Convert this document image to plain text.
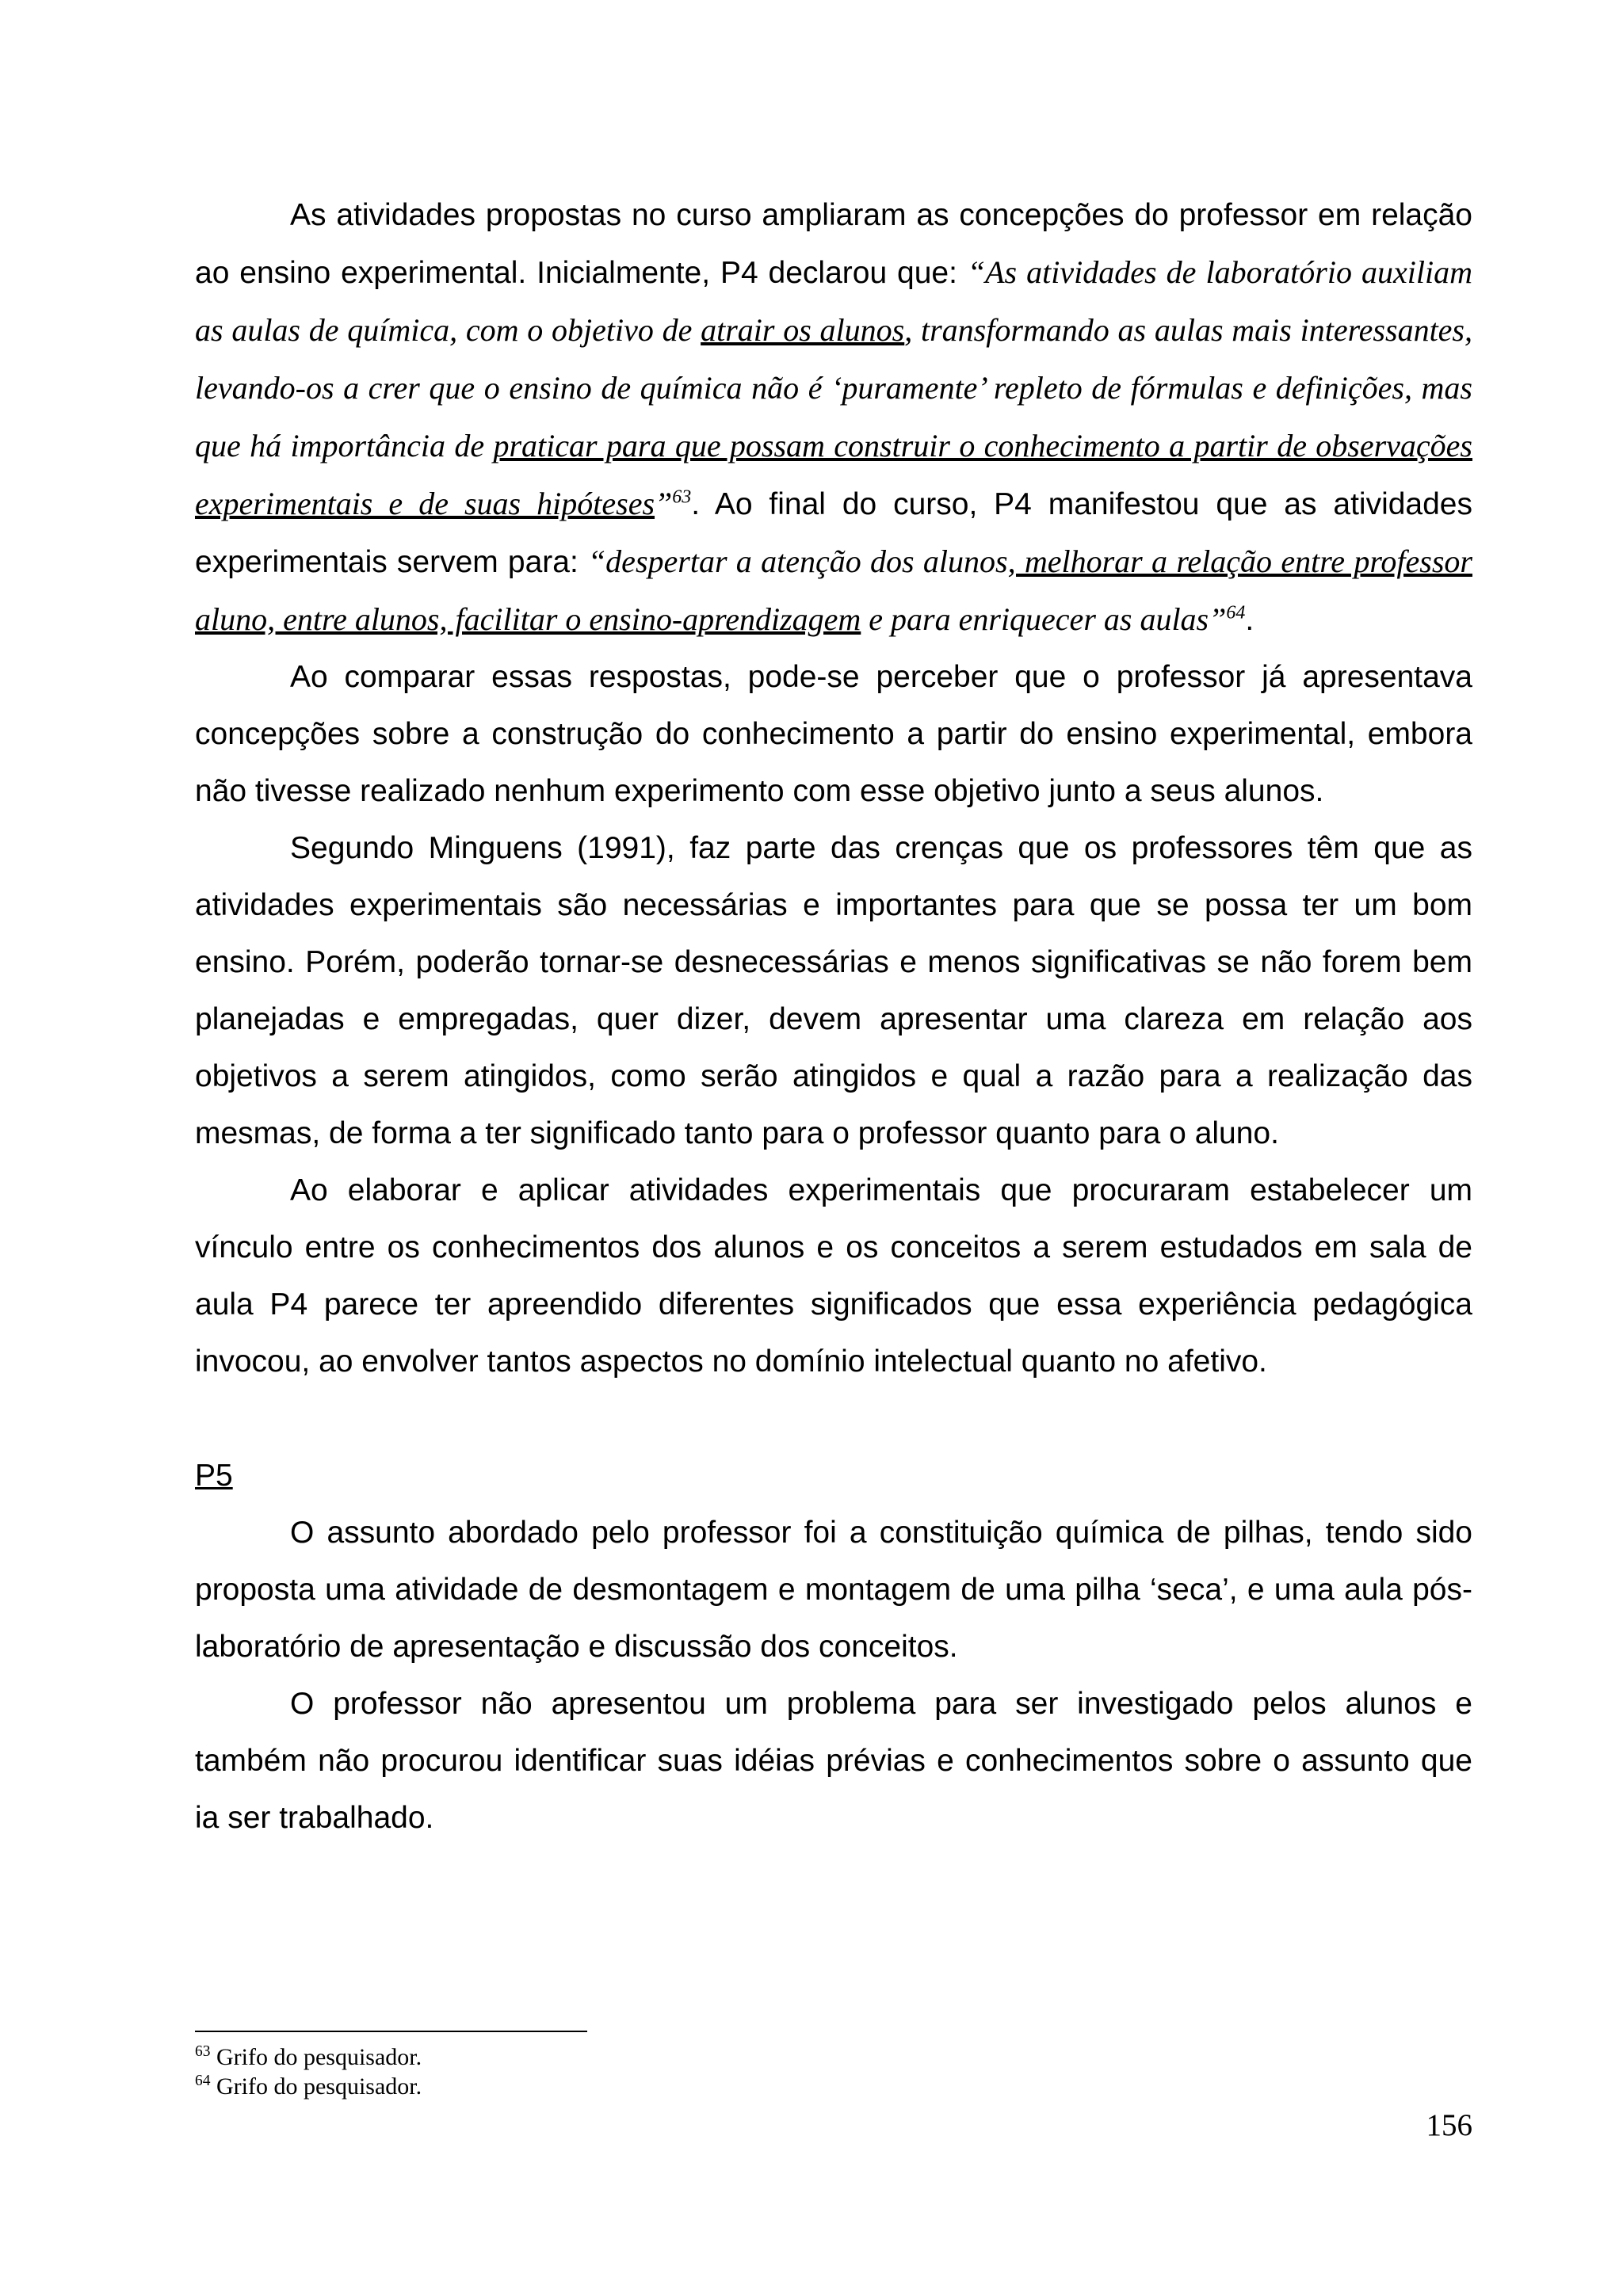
As atividades propostas no curso ampliaram as concepções do professor em relação ao ensino experimental. Inicialmente, P4 declarou que: “As atividades de laboratório auxiliam as aulas de química, com o objetivo de atrair os alunos, transformando as aulas mais interessantes, levando-os a crer que o ensino de química não é ‘puramente’ repleto de fórmulas e definições, mas que há importância de praticar para que possam construir o conhecimento a partir de observações experimentais e de suas hipóteses”$^{63}$. Ao final do curso, P4 manifestou que as atividades experimentais servem para: “despertar a atenção dos alunos, melhorar a relação entre professor aluno, entre alunos, facilitar o ensino-aprendizagem e para enriquecer as aulas”$^{64}$.

Ao comparar essas respostas, pode-se perceber que o professor já apresentava concepções sobre a construção do conhecimento a partir do ensino experimental, embora não tivesse realizado nenhum experimento com esse objetivo junto a seus alunos.

Segundo Minguens (1991), faz parte das crenças que os professores têm que as atividades experimentais são necessárias e importantes para que se possa ter um bom ensino. Porém, poderão tornar-se desnecessárias e menos significativas se não forem bem planejadas e empregadas, quer dizer, devem apresentar uma clareza em relação aos objetivos a serem atingidos, como serão atingidos e qual a razão para a realização das mesmas, de forma a ter significado tanto para o professor quanto para o aluno.

Ao elaborar e aplicar atividades experimentais que procuraram estabelecer um vínculo entre os conhecimentos dos alunos e os conceitos a serem estudados em sala de aula P4 parece ter apreendido diferentes significados que essa experiência pedagógica invocou, ao envolver tantos aspectos no domínio intelectual quanto no afetivo.

P5

O assunto abordado pelo professor foi a constituição química de pilhas, tendo sido proposta uma atividade de desmontagem e montagem de uma pilha ‘seca’, e uma aula pós-laboratório de apresentação e discussão dos conceitos.

O professor não apresentou um problema para ser investigado pelos alunos e também não procurou identificar suas idéias prévias e conhecimentos sobre o assunto que ia ser trabalhado.

$^{63}$ Grifo do pesquisador.
$^{64}$ Grifo do pesquisador.
156
